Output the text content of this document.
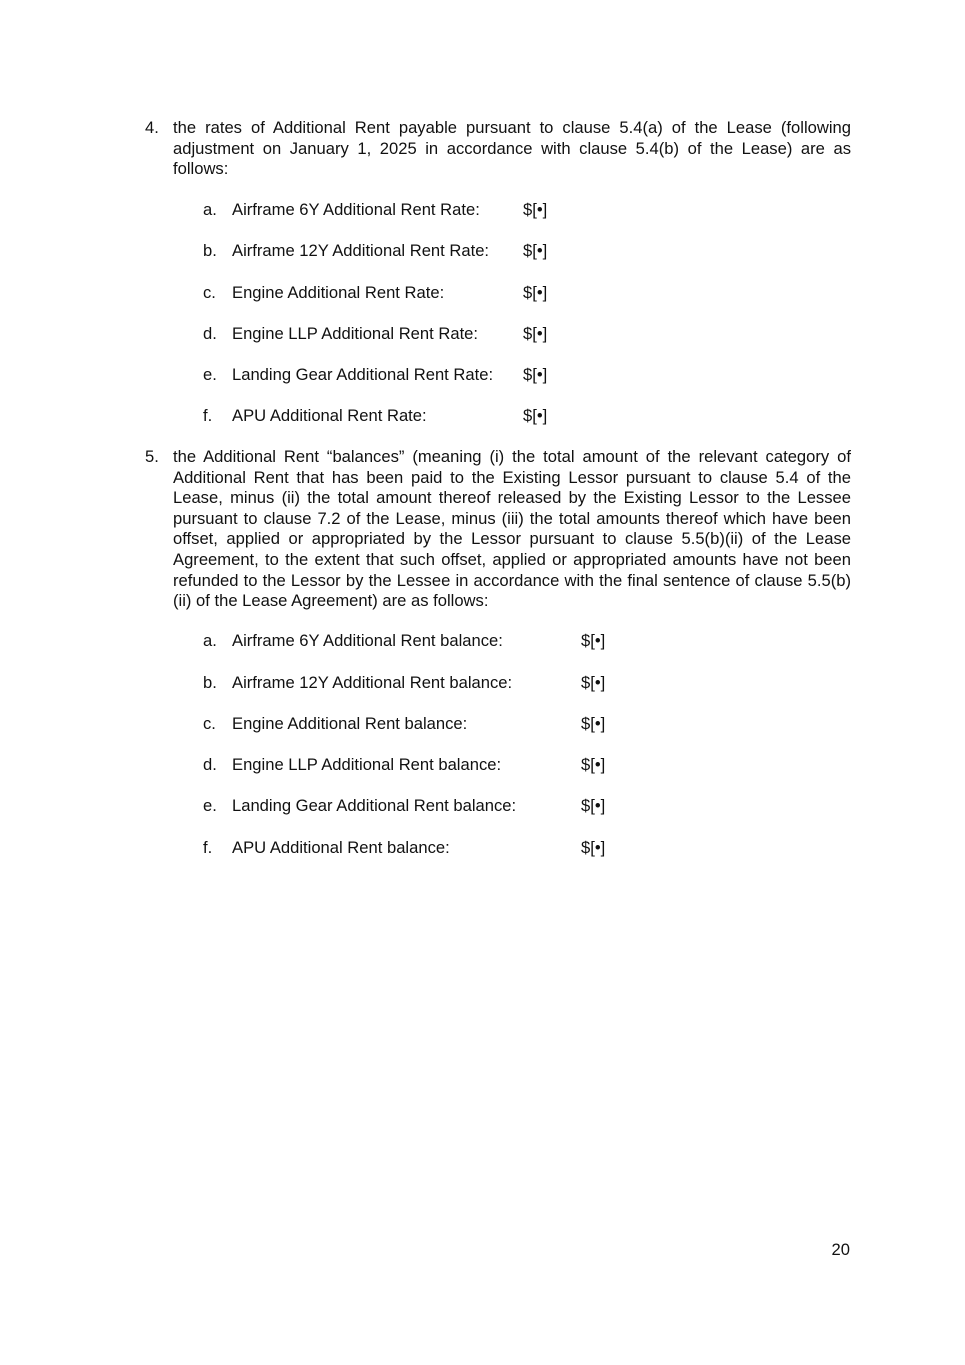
4. the rates of Additional Rent payable pursuant to clause 5.4(a) of the Lease (following adjustment on January 1, 2025 in accordance with clause 5.4(b) of the Lease) are as follows:
a. Airframe 6Y Additional Rent Rate:	$[•]
b. Airframe 12Y Additional Rent Rate: $[•]
c. Engine Additional Rent Rate:	$[•]
d. Engine LLP Additional Rent Rate:	$[•]
e. Landing Gear Additional Rent Rate: $[•]
f. APU Additional Rent Rate:	$[•]
5. the Additional Rent “balances” (meaning (i) the total amount of the relevant category of Additional Rent that has been paid to the Existing Lessor pursuant to clause 5.4 of the Lease, minus (ii) the total amount thereof released by the Existing Lessor to the Lessee pursuant to clause 7.2 of the Lease, minus (iii) the total amounts thereof which have been offset, applied or appropriated by the Lessor pursuant to clause 5.5(b)(ii) of the Lease Agreement, to the extent that such offset, applied or appropriated amounts have not been refunded to the Lessor by the Lessee in accordance with the final sentence of clause 5.5(b)(ii) of the Lease Agreement) are as follows:
a. Airframe 6Y Additional Rent balance:	$[•]
b. Airframe 12Y Additional Rent balance:	$[•]
c. Engine Additional Rent balance:	$[•]
d. Engine LLP Additional Rent balance:	$[•]
e. Landing Gear Additional Rent balance:	$[•]
f. APU Additional Rent balance:	$[•]
20
